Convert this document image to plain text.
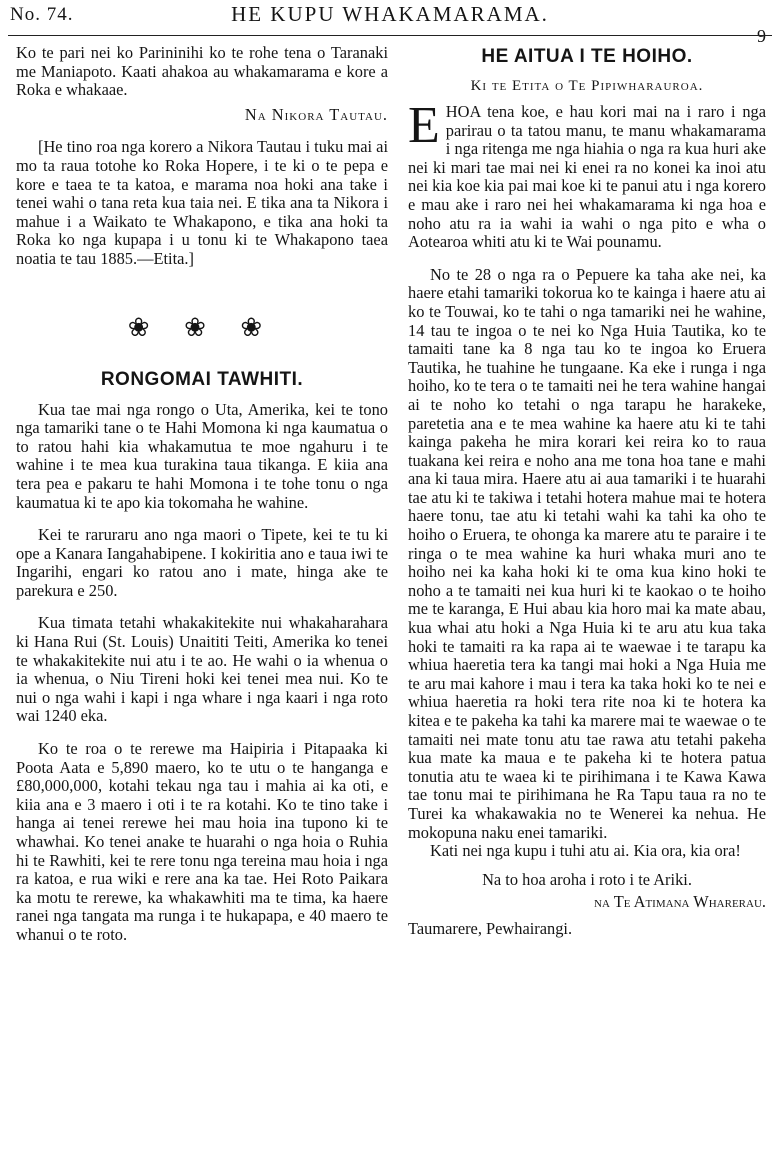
No. 74.	HE KUPU WHAKAMARAMA.
9

Ko te pari nei ko Parininihi ko te rohe tena o Taranaki me Maniapoto. Kaati ahakoa au whakamarama e kore a Roka e whakaae.

Na Nikora Tautau.

[He tino roa nga korero a Nikora Tautau i tuku mai ai mo ta raua totohe ko Roka Hopere, i te ki o te pepa e kore e taea te ta katoa, e marama noa hoki ana take i tenei wahi o tana reta kua taia nei. E tika ana ta Nikora i mahue i a Waikato te Whakapono, e tika ana hoki ta Roka ko nga kupapa i u tonu ki te Whakapono taea noatia te tau 1885.—Etita.]

❀ ❀ ❀
RONGOMAI TAWHITI.

Kua tae mai nga rongo o Uta, Amerika, kei te tono nga tamariki tane o te Hahi Momona ki nga kaumatua o to ratou hahi kia whakamutua te moe ngahuru i te wahine i te mea kua turakina taua tikanga. E kiia ana tera pea e pakaru te hahi Momona i te tohe tonu o nga kaumatua ki te apo kia tokomaha he wahine.

Kei te raruraru ano nga maori o Tipete, kei te tu ki ope a Kanara Iangahabipene. I kokiritia ano e taua iwi te Ingarihi, engari ko ratou ano i mate, hinga ake te parekura e 250.

Kua timata tetahi whakakitekite nui whakaharahara ki Hana Rui (St. Louis) Unaititi Teiti, Amerika ko tenei te whakakitekite nui atu i te ao. He wahi o ia whenua o ia whenua, o Niu Tireni hoki kei tenei mea nui. Ko te nui o nga wahi i kapi i nga whare i nga kaari i nga roto wai 1240 eka.

Ko te roa o te rerewe ma Haipiria i Pitapaaka ki Poota Aata e 5,890 maero, ko te utu o te hanganga e £80,000,000, kotahi tekau nga tau i mahia ai ka oti, e kiia ana e 3 maero i oti i te ra kotahi. Ko te tino take i hanga ai tenei rerewe hei mau hoia ina tupono ki te whawhai. Ko tenei anake te huarahi o nga hoia o Ruhia hi te Rawhiti, kei te rere tonu nga tereina mau hoia i nga ra katoa, e rua wiki e rere ana ka tae. Hei Roto Paikara ka motu te rerewe, ka whakawhiti ma te tima, ka haere ranei nga tangata ma runga i te hukapapa, e 40 maero te whanui o te roto.

HE AITUA I TE HOIHO.
Ki te Etita o Te Pipiwharauroa.

EHOA tena koe, e hau kori mai na i raro i nga parirau o ta tatou manu, te manu whakamarama i nga ritenga me nga hiahia o nga ra kua huri ake nei ki mari tae mai nei ki enei ra no konei ka inoi atu nei kia koe kia pai mai koe ki te panui atu i nga korero e mau ake i raro nei hei whakamarama ki nga hoa e noho atu ra ia wahi ia wahi o nga pito e wha o Aotearoa whiti atu ki te Wai pounamu.

No te 28 o nga ra o Pepuere ka taha ake nei, ka haere etahi tamariki tokorua ko te kainga i haere atu ai ko te Touwai, ko te tahi o nga tamariki nei he wahine, 14 tau te ingoa o te nei ko Nga Huia Tautika, ko te tamaiti tane ka 8 nga tau ko te ingoa ko Eruera Tautika, he tuahine he tungaane. Ka eke i runga i nga hoiho, ko te tera o te tamaiti nei he tera wahine hangai ai te noho ko tetahi o nga tarapu he harakeke, paretetia ana e te mea wahine ka haere atu ki te tahi kainga pakeha he mira korari kei reira ko to raua tuakana kei reira e noho ana me tona hoa tane e mahi ana ki taua mira. Haere atu ai aua tamariki i te huarahi tae atu ki te takiwa i tetahi hotera mahue mai te hotera haere tonu, tae atu ki tetahi wahi ka tahi ka oho te hoiho o Eruera, te ohonga ka marere atu te paraire i te ringa o te mea wahine ka huri whaka muri ano te hoiho nei ka kaha hoki ki te oma kua kino hoki te noho a te tamaiti nei kua huri ki te kaokao o te hoiho me te karanga, E Hui abau kia horo mai ka mate abau, kua whai atu hoki a Nga Huia ki te aru atu kua taka hoki te tamaiti ra ka rapa ai te waewae i te tarapu ka whiua haeretia tera ka tangi mai hoki a Nga Huia me te aru mai kahore i mau i tera ka taka hoki ko te nei e whiua haeretia ra hoki tera rite noa ki te hotera ka kitea e te pakeha ka tahi ka marere mai te waewae o te tamaiti nei mate tonu atu tae rawa atu tetahi pakeha kua mate ka maua e te pakeha ki te hotera patua tonutia atu te waea ki te pirihimana i te Kawa Kawa tae tonu mai te pirihimana he Ra Tapu taua ra no te Turei ka whakawakia no te Wenerei ka nehua. He mokopuna naku enei tamariki.

Kati nei nga kupu i tuhi atu ai. Kia ora, kia ora!

Na to hoa aroha i roto i te Ariki.

na Te Atimana Wharerau.

Taumarere, Pewhairangi.
